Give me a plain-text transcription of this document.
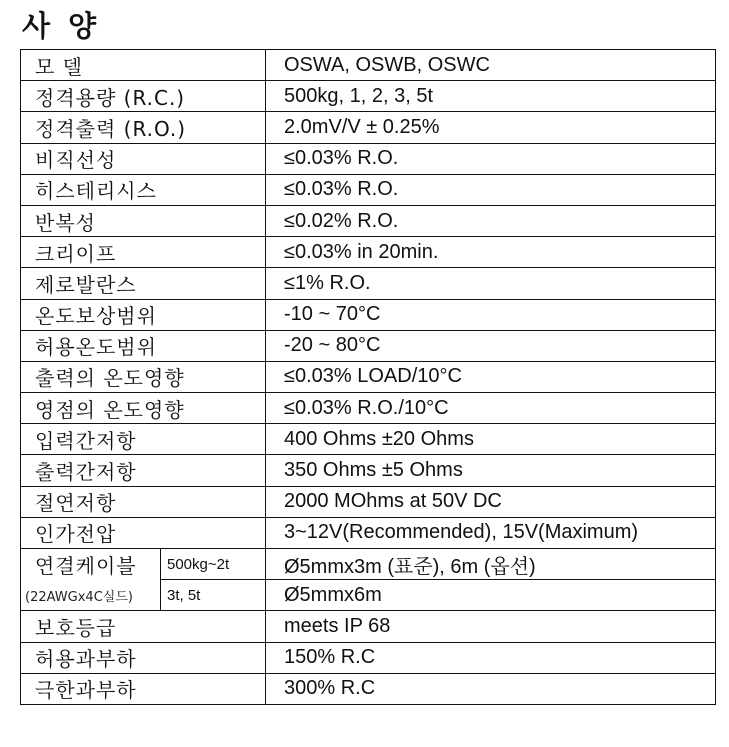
사 양
모 델		OSWA, OSWB, OSWC
정격용량 (R.C.)		500kg, 1, 2, 3, 5t
정격출력 (R.O.)		2.0mV/V ± 0.25%
비직선성		≤0.03% R.O.
히스테리시스		≤0.03% R.O.
반복성		≤0.02% R.O.
크리이프		≤0.03% in 20min.
제로발란스		≤1% R.O.
온도보상범위		-10 ~ 70°C
허용온도범위		-20 ~ 80°C
출력의 온도영향		≤0.03% LOAD/10°C
영점의 온도영향		≤0.03% R.O./10°C
입력간저항		400 Ohms ±20 Ohms
출력간저항		350 Ohms ±5 Ohms
절연저항		2000 MOhms at 50V DC
인가전압		3~12V(Recommended), 15V(Maximum)
연결케이블	500kg~2t	Ø5mmx3m (표준), 6m (옵션)
(22AWGx4C실드)	3t, 5t	Ø5mmx6m
보호등급		meets IP 68
허용과부하		150% R.C
극한과부하		300% R.C
